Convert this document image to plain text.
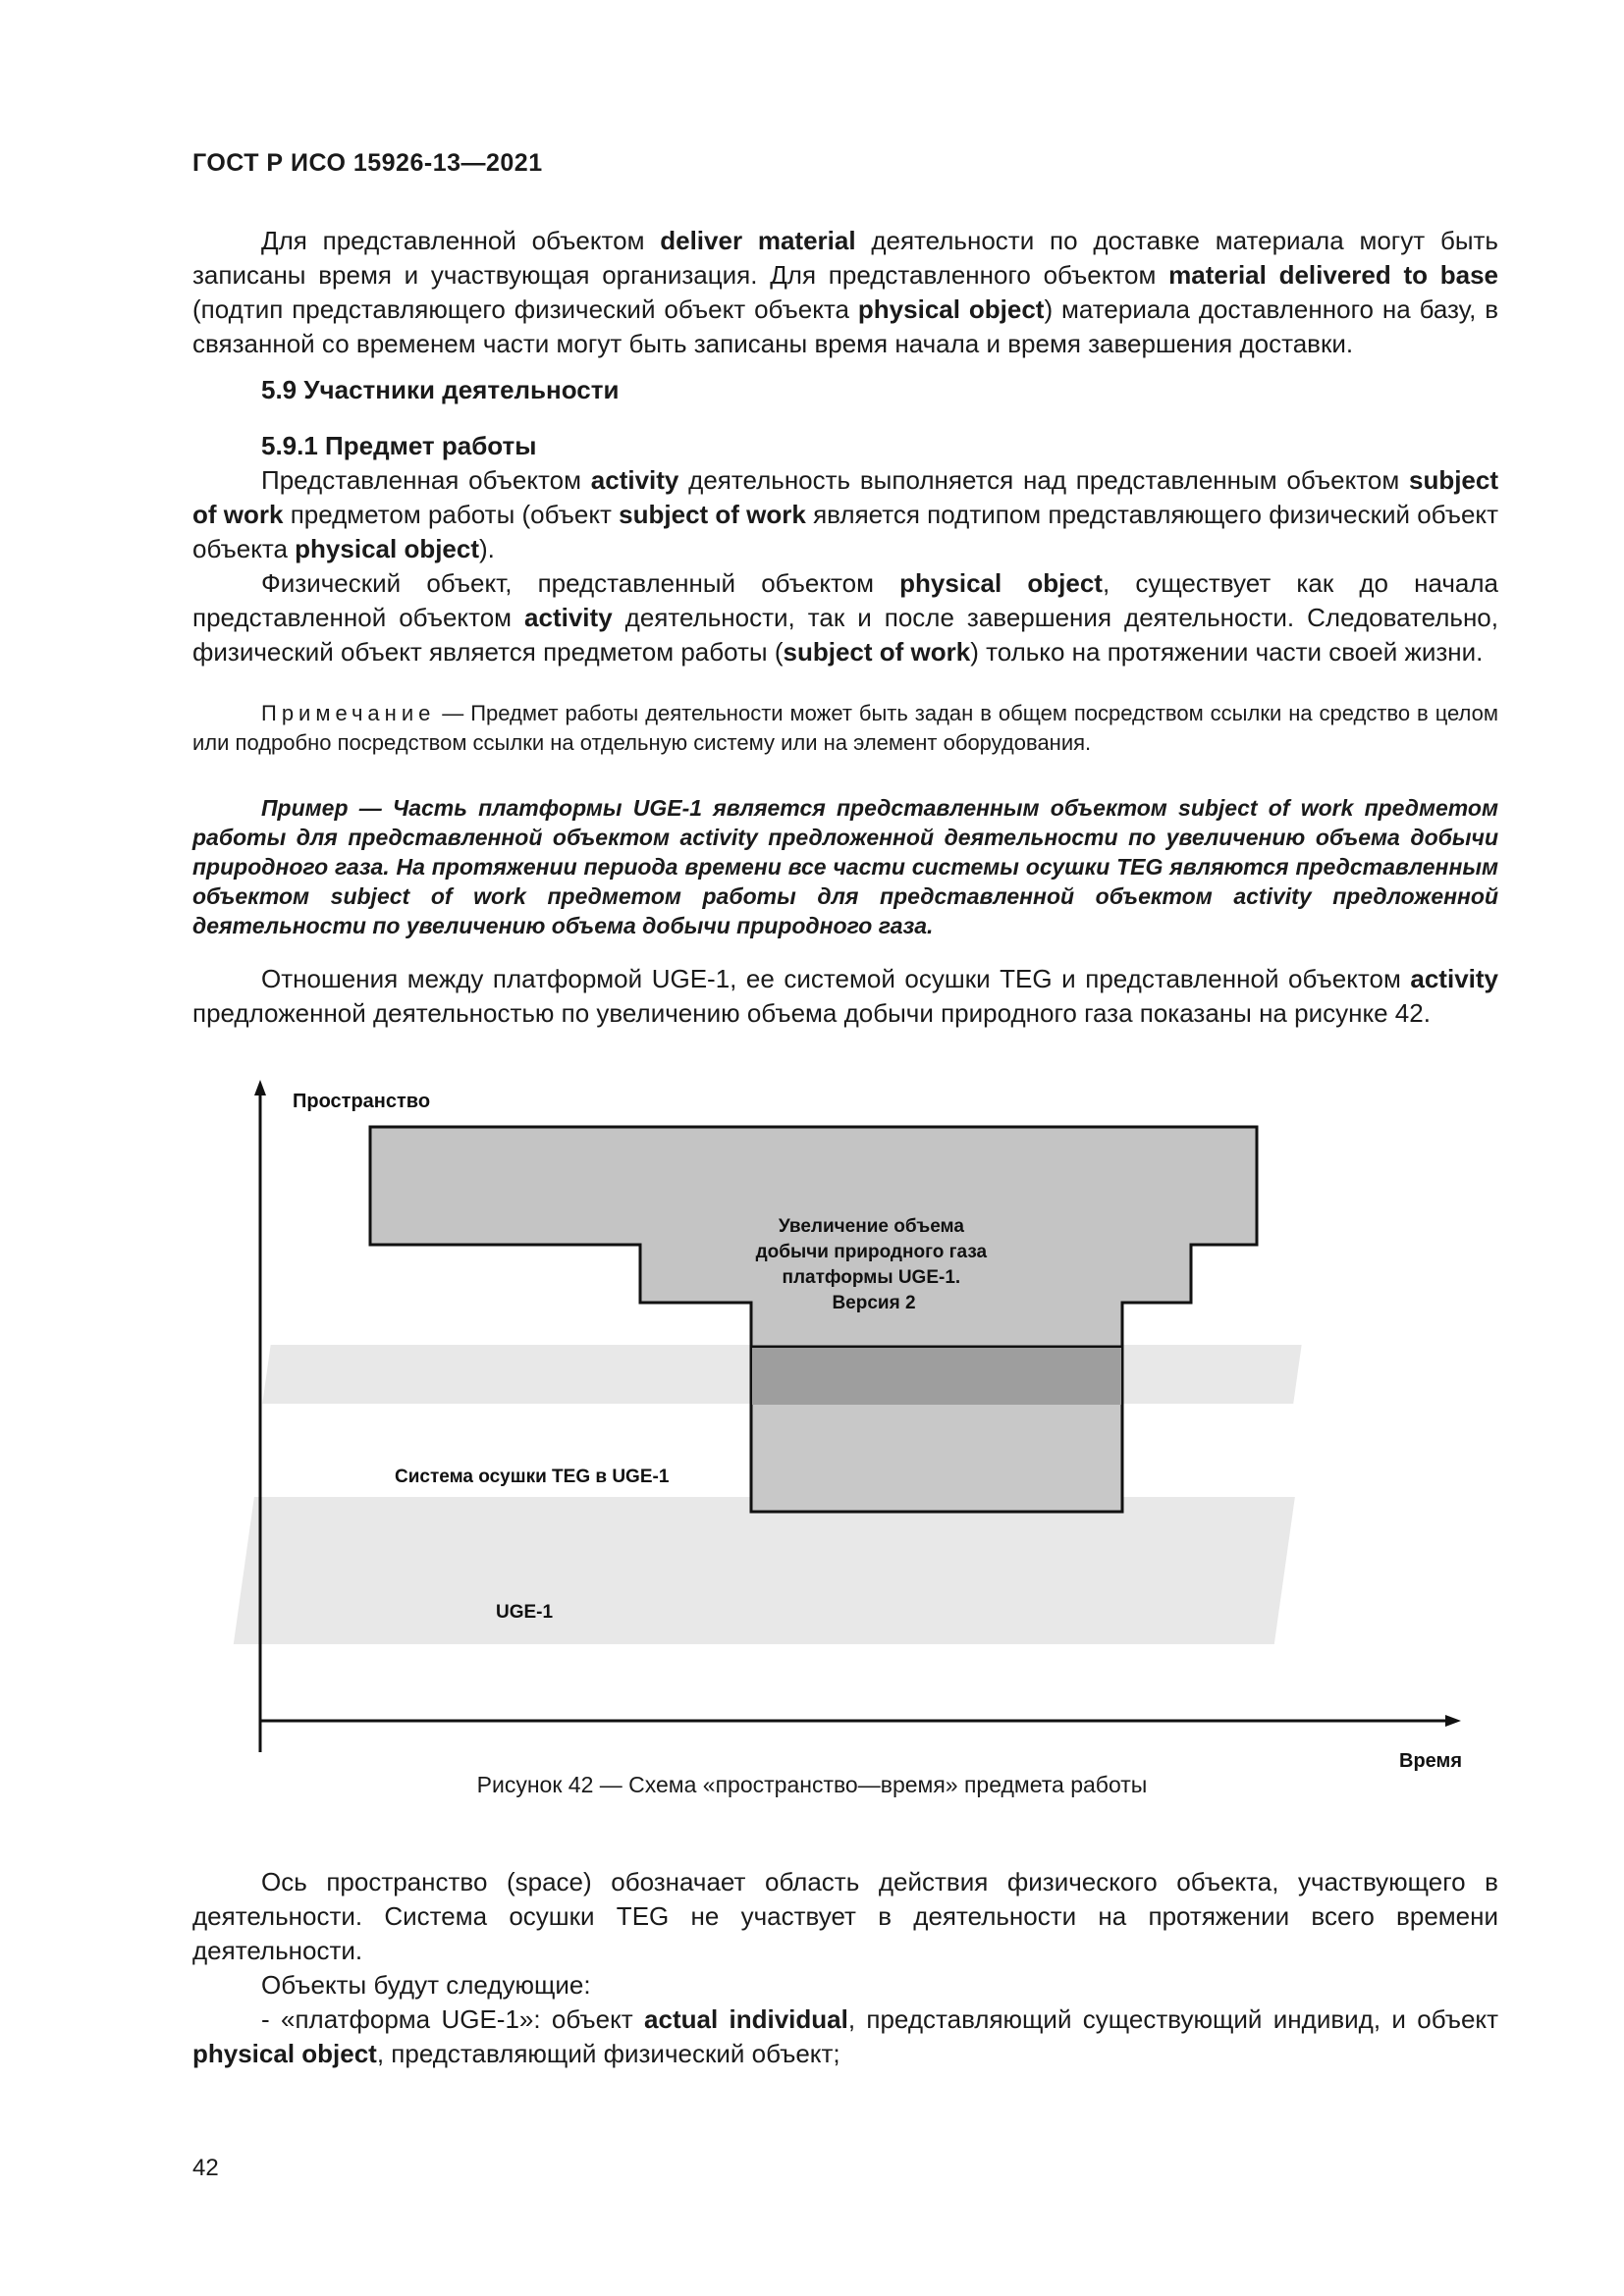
ГОСТ Р ИСО 15926-13—2021

Для представленной объектом deliver material деятельности по доставке материала могут быть записаны время и участвующая организация. Для представленного объектом material delivered to base (подтип представляющего физический объект объекта physical object) материала доставленного на базу, в связанной со временем части могут быть записаны время начала и время завершения доставки.

5.9 Участники деятельности

5.9.1 Предмет работы

Представленная объектом activity деятельность выполняется над представленным объектом subject of work предметом работы (объект subject of work является подтипом представляющего физический объект объекта physical object).

Физический объект, представленный объектом physical object, существует как до начала представленной объектом activity деятельности, так и после завершения деятельности. Следовательно, физический объект является предметом работы (subject of work) только на протяжении части своей жизни.

Примечание — Предмет работы деятельности может быть задан в общем посредством ссылки на средство в целом или подробно посредством ссылки на отдельную систему или на элемент оборудования.

Пример — Часть платформы UGE-1 является представленным объектом subject of work предметом работы для представленной объектом activity предложенной деятельности по увеличению объема добычи природного газа. На протяжении периода времени все части системы осушки TEG являются представленным объектом subject of work предметом работы для представленной объектом activity предложенной деятельности по увеличению объема добычи природного газа.

Отношения между платформой UGE-1, ее системой осушки TEG и представленной объектом activity предложенной деятельностью по увеличению объема добычи природного газа показаны на рисунке 42.

Пространство
Время
Увеличение объема добычи природного газа платформы UGE-1. Версия 2
Система осушки TEG в UGE-1
UGE-1
Рисунок 42 — Схема «пространство—время» предмета работы

Ось пространство (space) обозначает область действия физического объекта, участвующего в деятельности. Система осушки TEG не участвует в деятельности на протяжении всего времени деятельности.

Объекты будут следующие:

- «платформа UGE-1»: объект actual individual, представляющий существующий индивид, и объект physical object, представляющий физический объект;

42
